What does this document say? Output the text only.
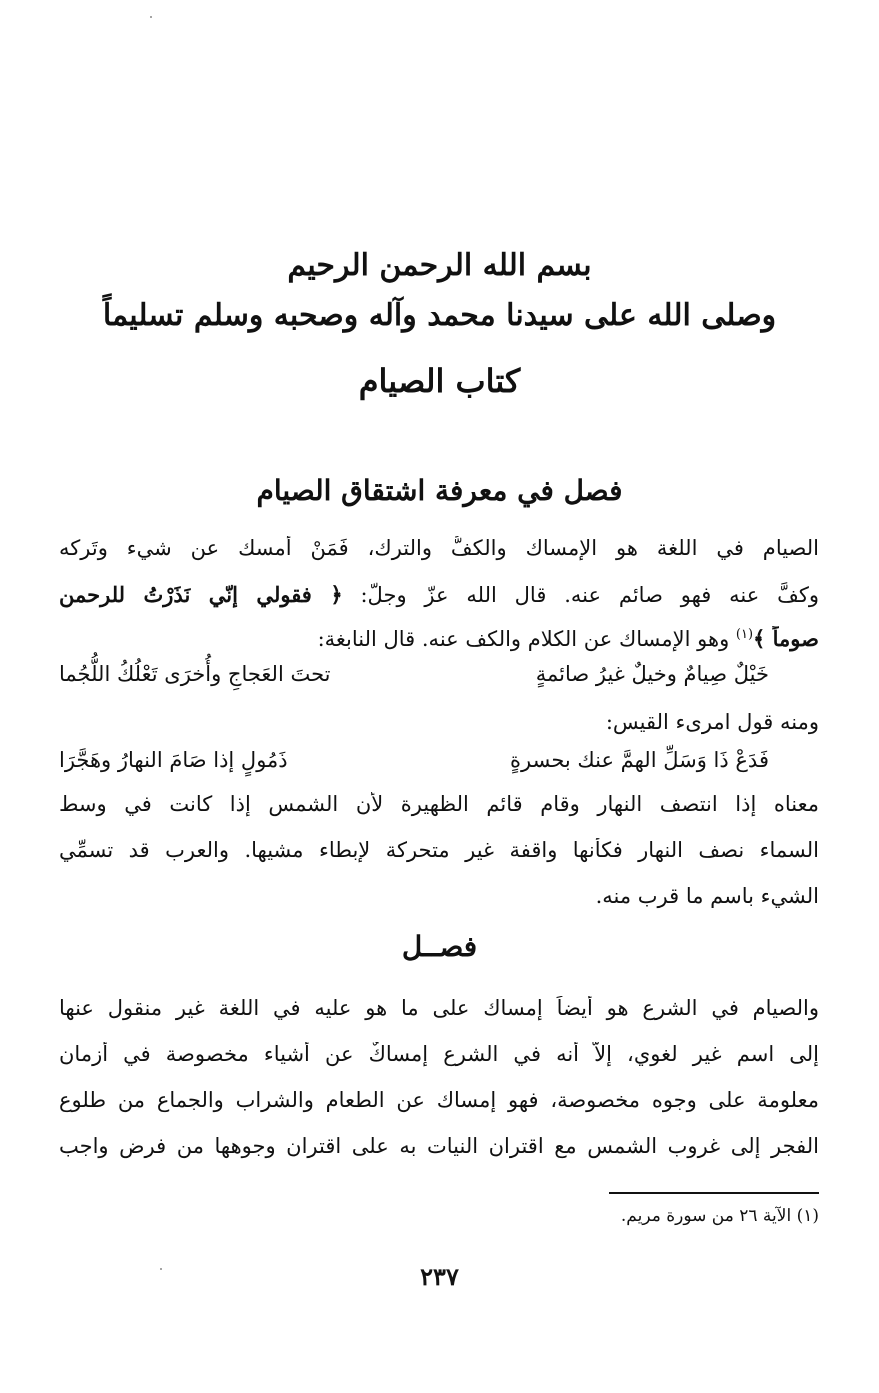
بسم الله الرحمن الرحيم
وصلى الله على سيدنا محمد وآله وصحبه وسلم تسليماً
كتاب الصيام
فصل في معرفة اشتقاق الصيام
الصيام في اللغة هو الإمساك والكفُّ والترك، فَمَنْ أمسك عن شيء وتَركه
وكفَّ عنه فهو صائم عنه. قال الله عزّ وجلّ: ﴿ فقولي إنّي نَذَرْتُ للرحمن
صوماً ﴾$^{(١)}$ وهو الإمساك عن الكلام والكف عنه. قال النابغة:
خَيْلٌ صِيامٌ وخيلٌ غيرُ صائمةٍ
تحتَ العَجاجِ وأُخرَى تَعْلُكُ اللُّجُما
ومنه قول امرىء القيس:
فَدَعْ ذَا وَسَلِّ الهمَّ عنك بحسرةٍ
ذَمُولٍ إذا صَامَ النهارُ وهَجَّرَا
معناه إذا انتصف النهار وقام قائم الظهيرة لأن الشمس إذا كانت في وسط
السماء نصف النهار فكأنها واقفة غير متحركة لإبطاء مشيها. والعرب قد تسمِّي
الشيء باسم ما قرب منه.
فصــل
والصيام في الشرعِ هو أيضاً إمساك على ما هو عليه في اللغة غير منقول عنها
إلى اسم غير لغوي، إلاّ أنه في الشرع إمساكٌ عن أشياء مخصوصة في أزمان
معلومة على وجوه مخصوصة، فهو إمساك عن الطعام والشراب والجماع من طلوع
الفجر إلى غروب الشمس مع اقتران النيات به على اقتران وجوهها من فرض واجب
(١) الآية ٢٦ من سورة مريم.
٢٣٧
